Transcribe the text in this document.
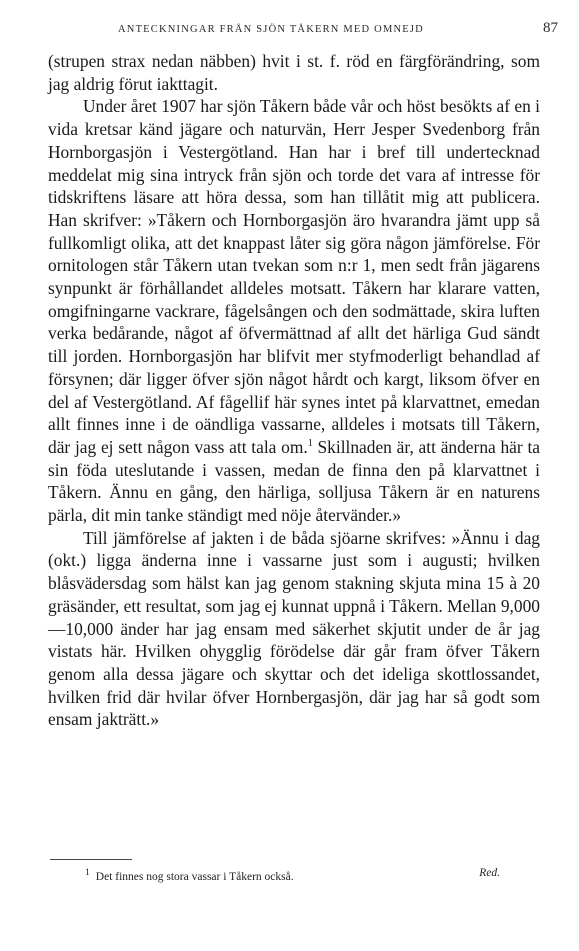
ANTECKNINGAR FRÅN SJÖN TÅKERN MED OMNEJD	87

(strupen strax nedan näbben) hvit i st. f. röd en färgförändring, som jag aldrig förut iakttagit.

Under året 1907 har sjön Tåkern både vår och höst besökts af en i vida kretsar känd jägare och naturvän, Herr Jesper Svedenborg från Hornborgasjön i Vestergötland. Han har i bref till undertecknad meddelat mig sina intryck från sjön och torde det vara af intresse för tidskriftens läsare att höra dessa, som han tillåtit mig att publicera. Han skrifver: »Tåkern och Hornborgasjön äro hvarandra jämt upp så fullkomligt olika, att det knappast låter sig göra någon jämförelse. För ornitologen står Tåkern utan tvekan som n:r 1, men sedt från jägarens synpunkt är förhållandet alldeles motsatt. Tåkern har klarare vatten, omgifningarne vackrare, fågelsången och den sodmättade, skira luften verka bedårande, något af öfvermättnad af allt det härliga Gud sändt till jorden. Hornborgasjön har blifvit mer styfmoderligt behandlad af försynen; där ligger öfver sjön något hårdt och kargt, liksom öfver en del af Vestergötland. Af fågellif här synes intet på klarvattnet, emedan allt finnes inne i de oändliga vassarne, alldeles i motsats till Tåkern, där jag ej sett någon vass att tala om.$^1$ Skillnaden är, att änderna här ta sin föda uteslutande i vassen, medan de finna den på klarvattnet i Tåkern. Ännu en gång, den härliga, solljusa Tåkern är en naturens pärla, dit min tanke ständigt med nöje återvänder.»

Till jämförelse af jakten i de båda sjöarne skrifves: »Ännu i dag (okt.) ligga änderna inne i vassarne just som i augusti; hvilken blåsvädersdag som hälst kan jag genom stakning skjuta mina 15 à 20 gräsänder, ett resultat, som jag ej kunnat uppnå i Tåkern. Mellan 9,000—10,000 änder har jag ensam med säkerhet skjutit under de år jag vistats här. Hvilken ohygglig förödelse där går fram öfver Tåkern genom alla dessa jägare och skyttar och det ideliga skottlossandet, hvilken frid där hvilar öfver Hornbergasjön, där jag har så godt som ensam jakträtt.»

$^1$ Det finnes nog stora vassar i Tåkern också.	Red.
